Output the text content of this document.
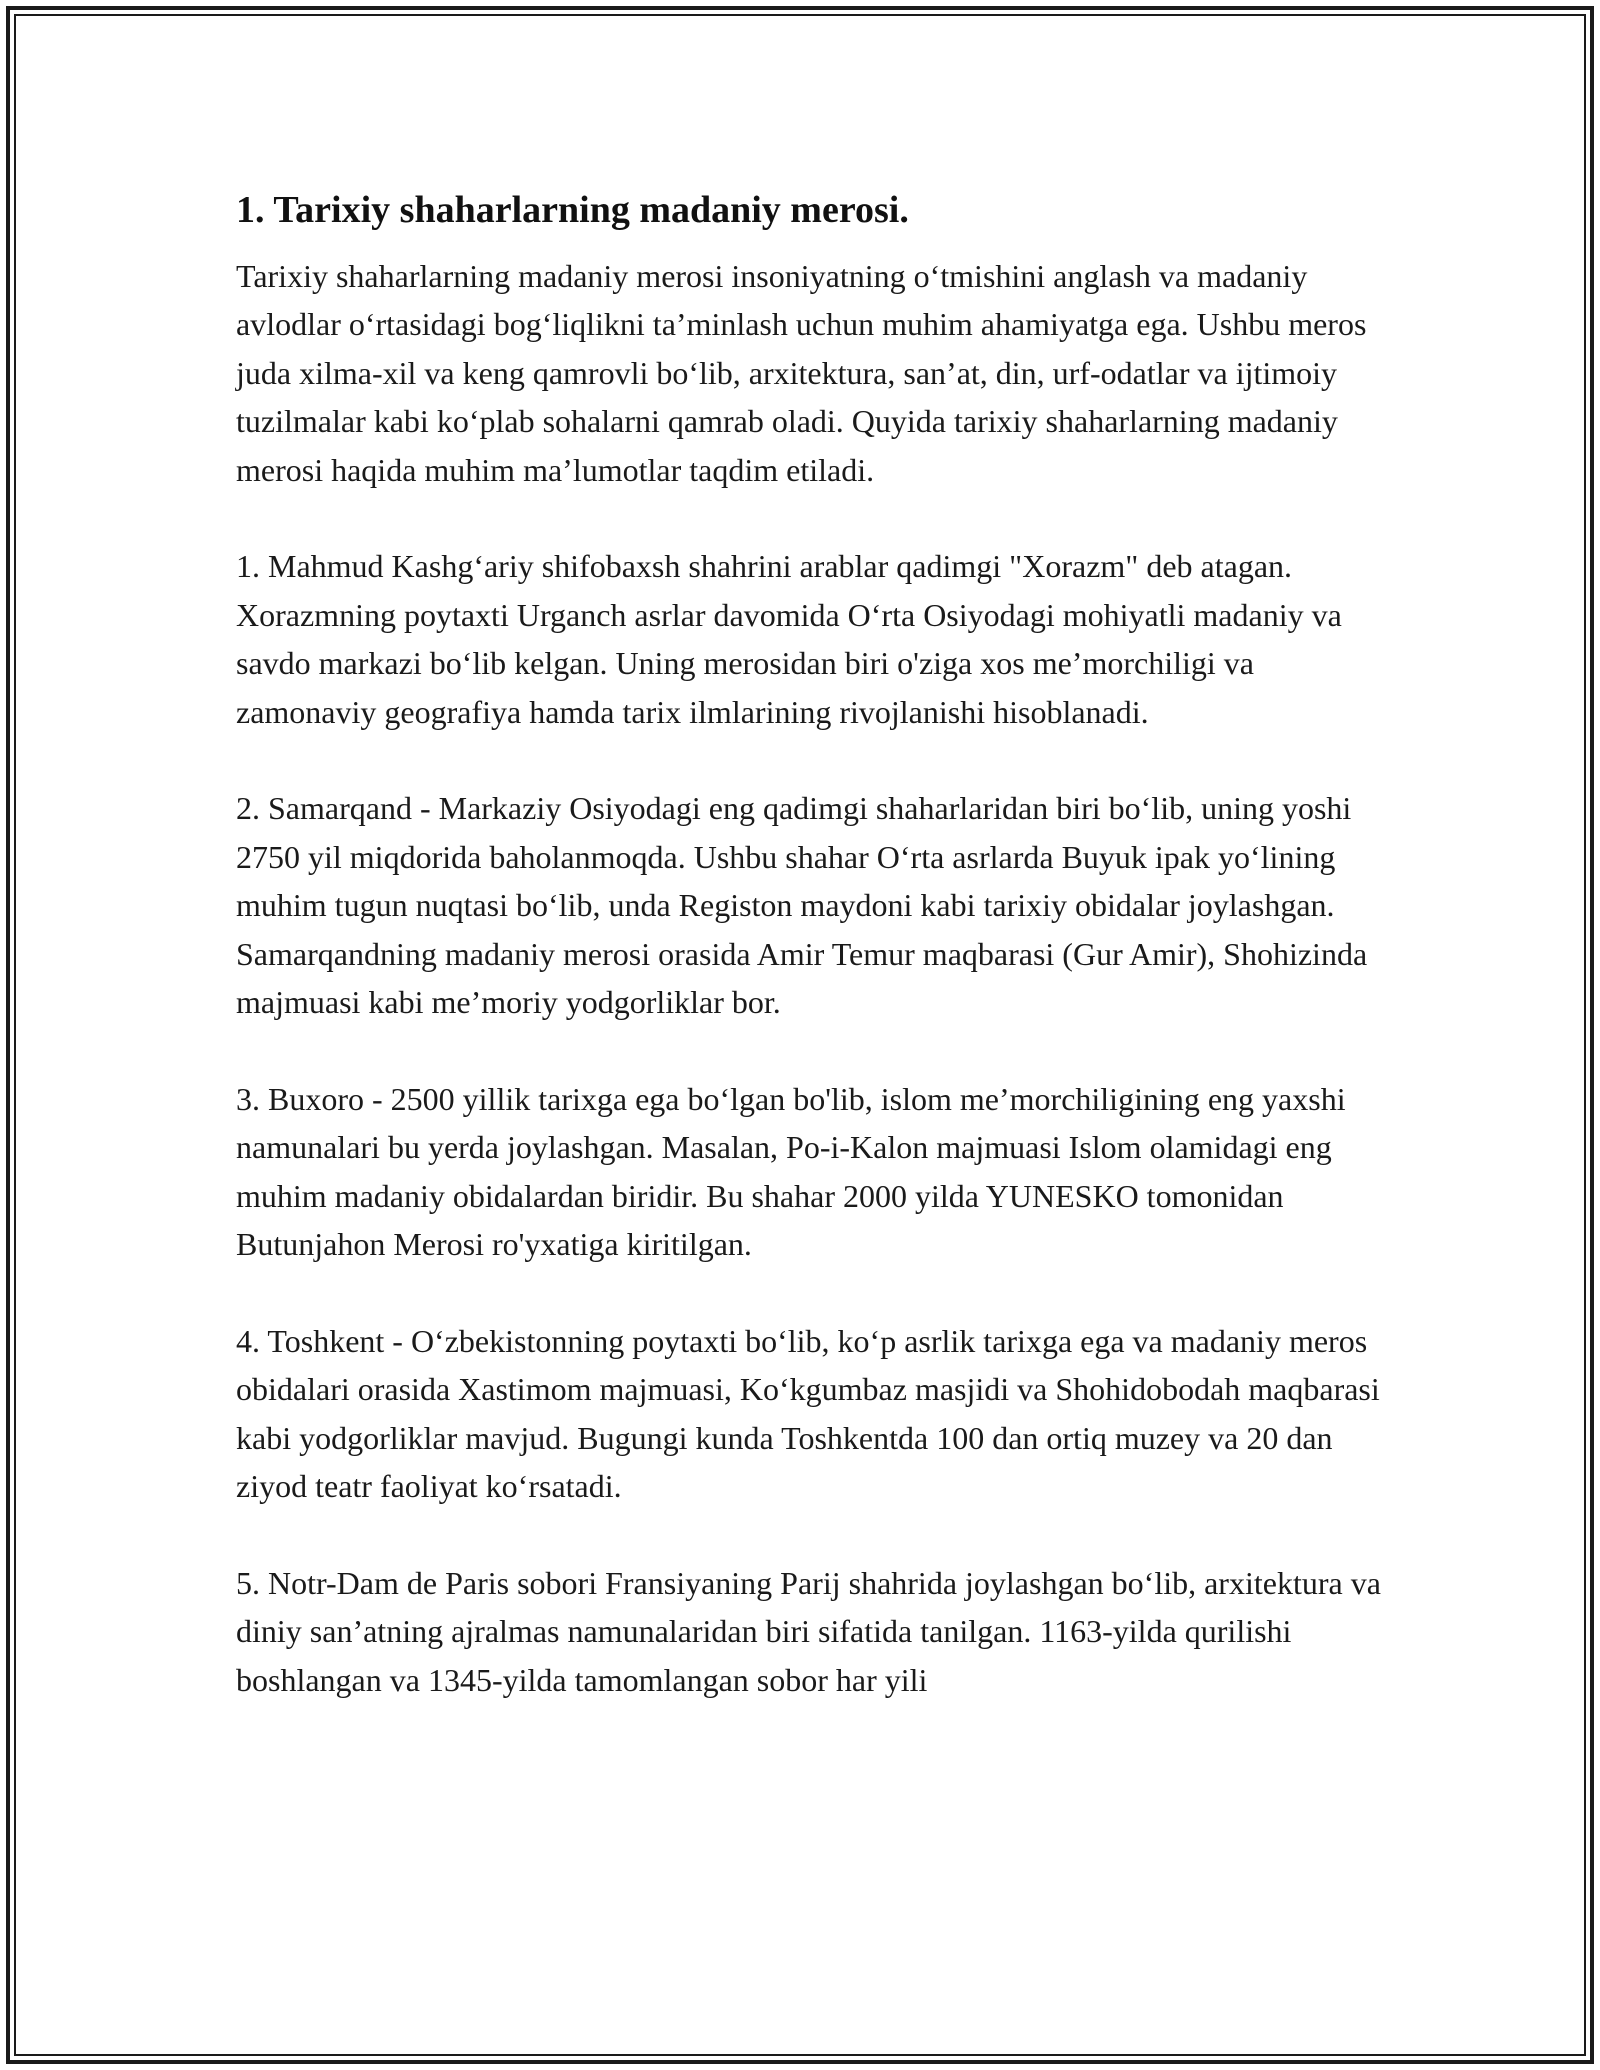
1. Tarixiy shaharlarning madaniy merosi.

Tarixiy shaharlarning madaniy merosi insoniyatning o‘tmishini anglash va madaniy avlodlar o‘rtasidagi bog‘liqlikni ta’minlash uchun muhim ahamiyatga ega. Ushbu meros juda xilma-xil va keng qamrovli bo‘lib, arxitektura, san’at, din, urf-odatlar va ijtimoiy tuzilmalar kabi ko‘plab sohalarni qamrab oladi. Quyida tarixiy shaharlarning madaniy merosi haqida muhim ma’lumotlar taqdim etiladi.

1. Mahmud Kashg‘ariy shifobaxsh shahrini arablar qadimgi "Xorazm" deb atagan. Xorazmning poytaxti Urganch asrlar davomida O‘rta Osiyodagi mohiyatli madaniy va savdo markazi bo‘lib kelgan. Uning merosidan biri o'ziga xos me’morchiligi va zamonaviy geografiya hamda tarix ilmlarining rivojlanishi hisoblanadi.

2. Samarqand - Markaziy Osiyodagi eng qadimgi shaharlaridan biri bo‘lib, uning yoshi 2750 yil miqdorida baholanmoqda. Ushbu shahar O‘rta asrlarda Buyuk ipak yo‘lining muhim tugun nuqtasi bo‘lib, unda Registon maydoni kabi tarixiy obidalar joylashgan. Samarqandning madaniy merosi orasida Amir Temur maqbarasi (Gur Amir), Shohizinda majmuasi kabi me’moriy yodgorliklar bor.

3. Buxoro - 2500 yillik tarixga ega bo‘lgan bo'lib, islom me’morchiligining eng yaxshi namunalari bu yerda joylashgan. Masalan, Po-i-Kalon majmuasi Islom olamidagi eng muhim madaniy obidalardan biridir. Bu shahar 2000 yilda YUNESKO tomonidan Butunjahon Merosi ro'yxatiga kiritilgan.

4. Toshkent - O‘zbekistonning poytaxti bo‘lib, ko‘p asrlik tarixga ega va madaniy meros obidalari orasida Xastimom majmuasi, Ko‘kgumbaz masjidi va Shohidobodah maqbarasi kabi yodgorliklar mavjud. Bugungi kunda Toshkentda 100 dan ortiq muzey va 20 dan ziyod teatr faoliyat ko‘rsatadi.

5. Notr-Dam de Paris sobori Fransiyaning Parij shahrida joylashgan bo‘lib, arxitektura va diniy san’atning ajralmas namunalaridan biri sifatida tanilgan. 1163-yilda qurilishi boshlangan va 1345-yilda tamomlangan sobor har yili
